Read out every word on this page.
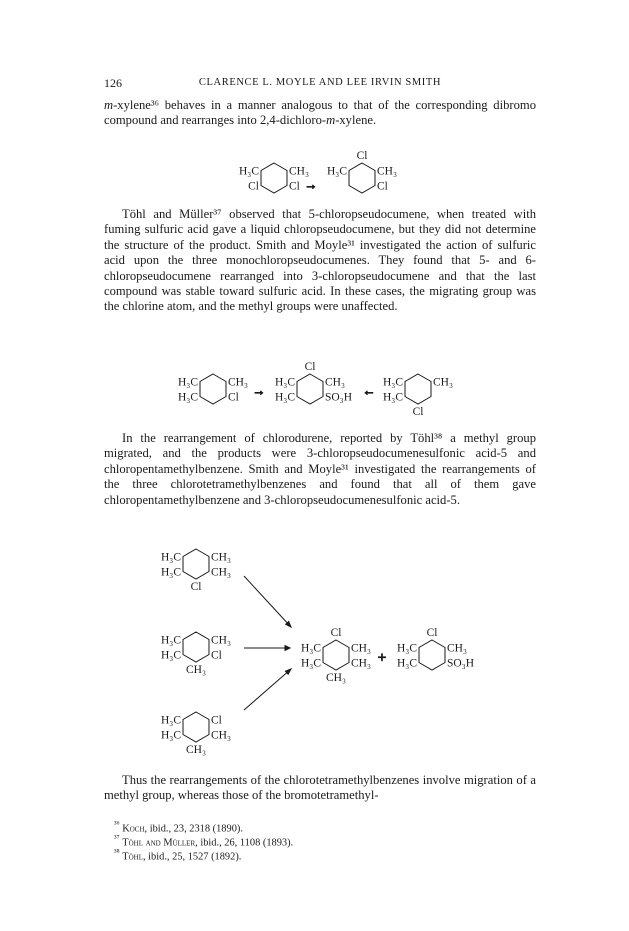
126	CLARENCE L. MOYLE AND LEE IRVIN SMITH
m-xylene³⁶ behaves in a manner analogous to that of the corresponding dibromo compound and rearranges into 2,4-dichloro-m-xylene.
Töhl and Müller³⁷ observed that 5-chloropseudocumene, when treated with fuming sulfuric acid gave a liquid chloropseudocumene, but they did not determine the structure of the product. Smith and Moyle³¹ investigated the action of sulfuric acid upon the three monochloropseudocumenes. They found that 5- and 6-chloropseudocumene rearranged into 3-chloropseudocumene and that the last compound was stable toward sulfuric acid. In these cases, the migrating group was the chlorine atom, and the methyl groups were unaffected.
In the rearrangement of chlorodurene, reported by Töhl³⁸ a methyl group migrated, and the products were 3-chloropseudocumenesulfonic acid-5 and chloropentamethylbenzene. Smith and Moyle³¹ investigated the rearrangements of the three chlorotetramethylbenzenes and found that all of them gave chloropentamethylbenzene and 3-chloropseudocumenesulfonic acid-5.
Thus the rearrangements of the chlorotetramethylbenzenes involve migration of a methyl group, whereas those of the bromotetramethyl-
H₃C	CH₃
Cl	Cl
Cl
H₃C	CH₃
Cl
H₃C	CH₃
H₃C	Cl
Cl
H₃C	CH₃
H₃C	SO₃H
H₃C	CH₃
H₃C
Cl
H₃C	CH₃
H₃C	CH₃
Cl
H₃C	CH₃
H₃C	Cl
CH₃
H₃C	Cl
H₃C	CH₃
CH₃
Cl
H₃C	CH₃
H₃C	CH₃
CH₃
Cl
H₃C	CH₃
H₃C	SO₃H
→
→	←
+
$^{^{36}}$ Koch, ibid., 23, 2318 (1890).
$^{^{37}}$ Töhl and Müller, ibid., 26, 1108 (1893).
$^{^{38}}$ Töhl, ibid., 25, 1527 (1892).
